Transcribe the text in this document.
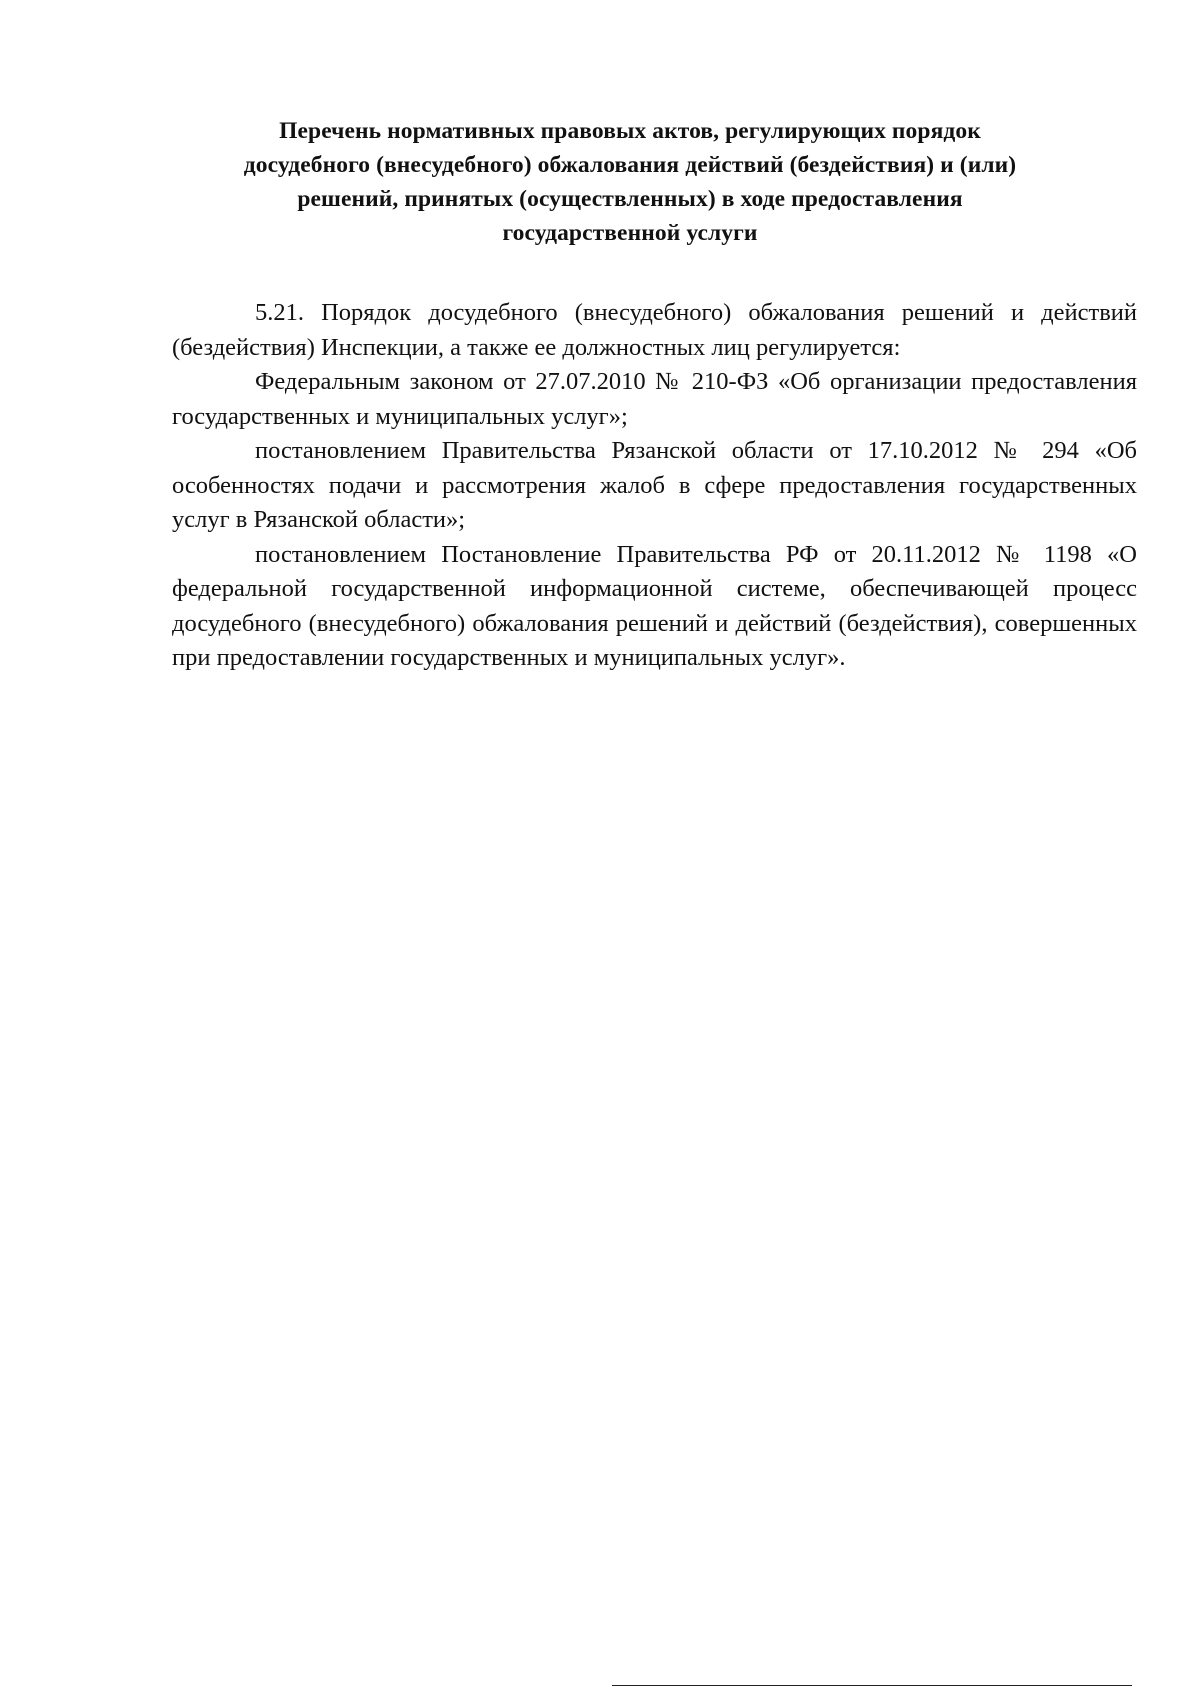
Перечень нормативных правовых актов, регулирующих порядок
досудебного (внесудебного) обжалования действий (бездействия) и (или)
решений, принятых (осуществленных) в ходе предоставления
государственной услуги

5.21. Порядок досудебного (внесудебного) обжалования решений и действий (бездействия) Инспекции, а также ее должностных лиц регулируется:

Федеральным законом от 27.07.2010 № 210-ФЗ «Об организации предоставления государственных и муниципальных услуг»;

постановлением Правительства Рязанской области от 17.10.2012 № 294 «Об особенностях подачи и рассмотрения жалоб в сфере предоставления государственных услуг в Рязанской области»;

постановлением Постановление Правительства РФ от 20.11.2012 № 1198 «О федеральной государственной информационной системе, обеспечивающей процесс досудебного (внесудебного) обжалования решений и действий (бездействия), совершенных при предоставлении государственных и муниципальных услуг».
